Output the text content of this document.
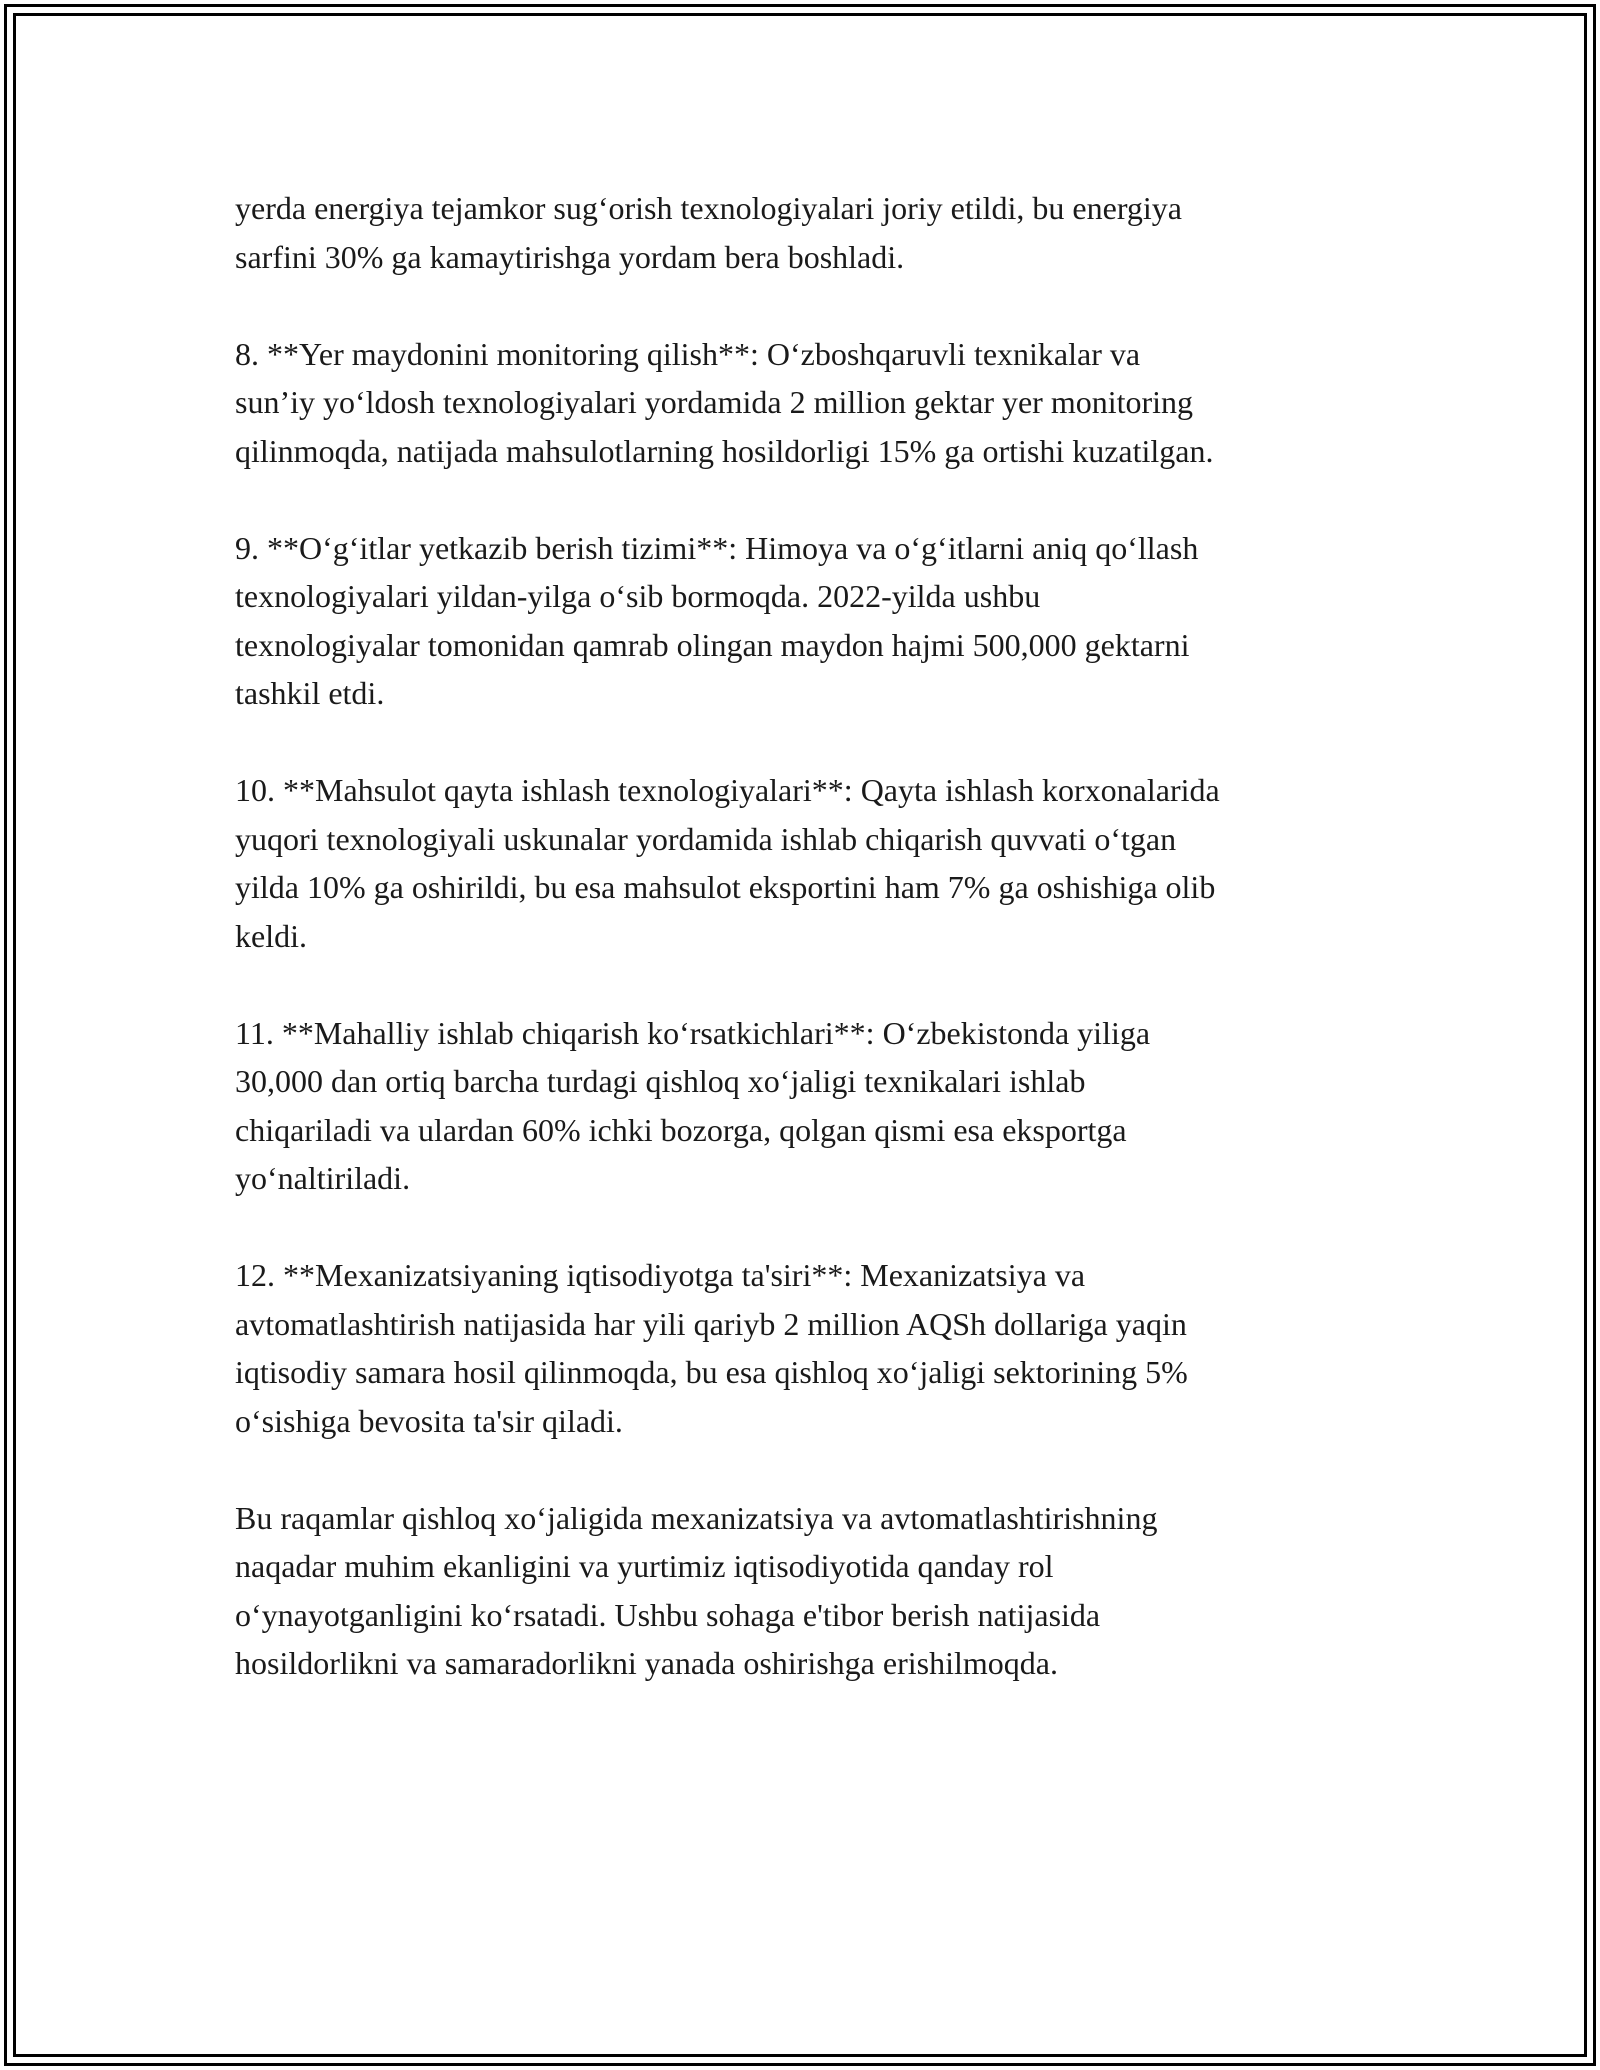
yerda energiya tejamkor sug‘orish texnologiyalari joriy etildi, bu energiya
sarfini 30% ga kamaytirishga yordam bera boshladi.

8. **Yer maydonini monitoring qilish**: O‘zboshqaruvli texnikalar va
sun’iy yo‘ldosh texnologiyalari yordamida 2 million gektar yer monitoring
qilinmoqda, natijada mahsulotlarning hosildorligi 15% ga ortishi kuzatilgan.

9. **O‘g‘itlar yetkazib berish tizimi**: Himoya va o‘g‘itlarni aniq qo‘llash
texnologiyalari yildan-yilga o‘sib bormoqda. 2022-yilda ushbu
texnologiyalar tomonidan qamrab olingan maydon hajmi 500,000 gektarni
tashkil etdi.

10. **Mahsulot qayta ishlash texnologiyalari**: Qayta ishlash korxonalarida
yuqori texnologiyali uskunalar yordamida ishlab chiqarish quvvati o‘tgan
yilda 10% ga oshirildi, bu esa mahsulot eksportini ham 7% ga oshishiga olib
keldi.

11. **Mahalliy ishlab chiqarish ko‘rsatkichlari**: O‘zbekistonda yiliga
30,000 dan ortiq barcha turdagi qishloq xo‘jaligi texnikalari ishlab
chiqariladi va ulardan 60% ichki bozorga, qolgan qismi esa eksportga
yo‘naltiriladi.

12. **Mexanizatsiyaning iqtisodiyotga ta'siri**: Mexanizatsiya va
avtomatlashtirish natijasida har yili qariyb 2 million AQSh dollariga yaqin
iqtisodiy samara hosil qilinmoqda, bu esa qishloq xo‘jaligi sektorining 5%
o‘sishiga bevosita ta'sir qiladi.

Bu raqamlar qishloq xo‘jaligida mexanizatsiya va avtomatlashtirishning
naqadar muhim ekanligini va yurtimiz iqtisodiyotida qanday rol
o‘ynayotganligini ko‘rsatadi. Ushbu sohaga e'tibor berish natijasida
hosildorlikni va samaradorlikni yanada oshirishga erishilmoqda.
